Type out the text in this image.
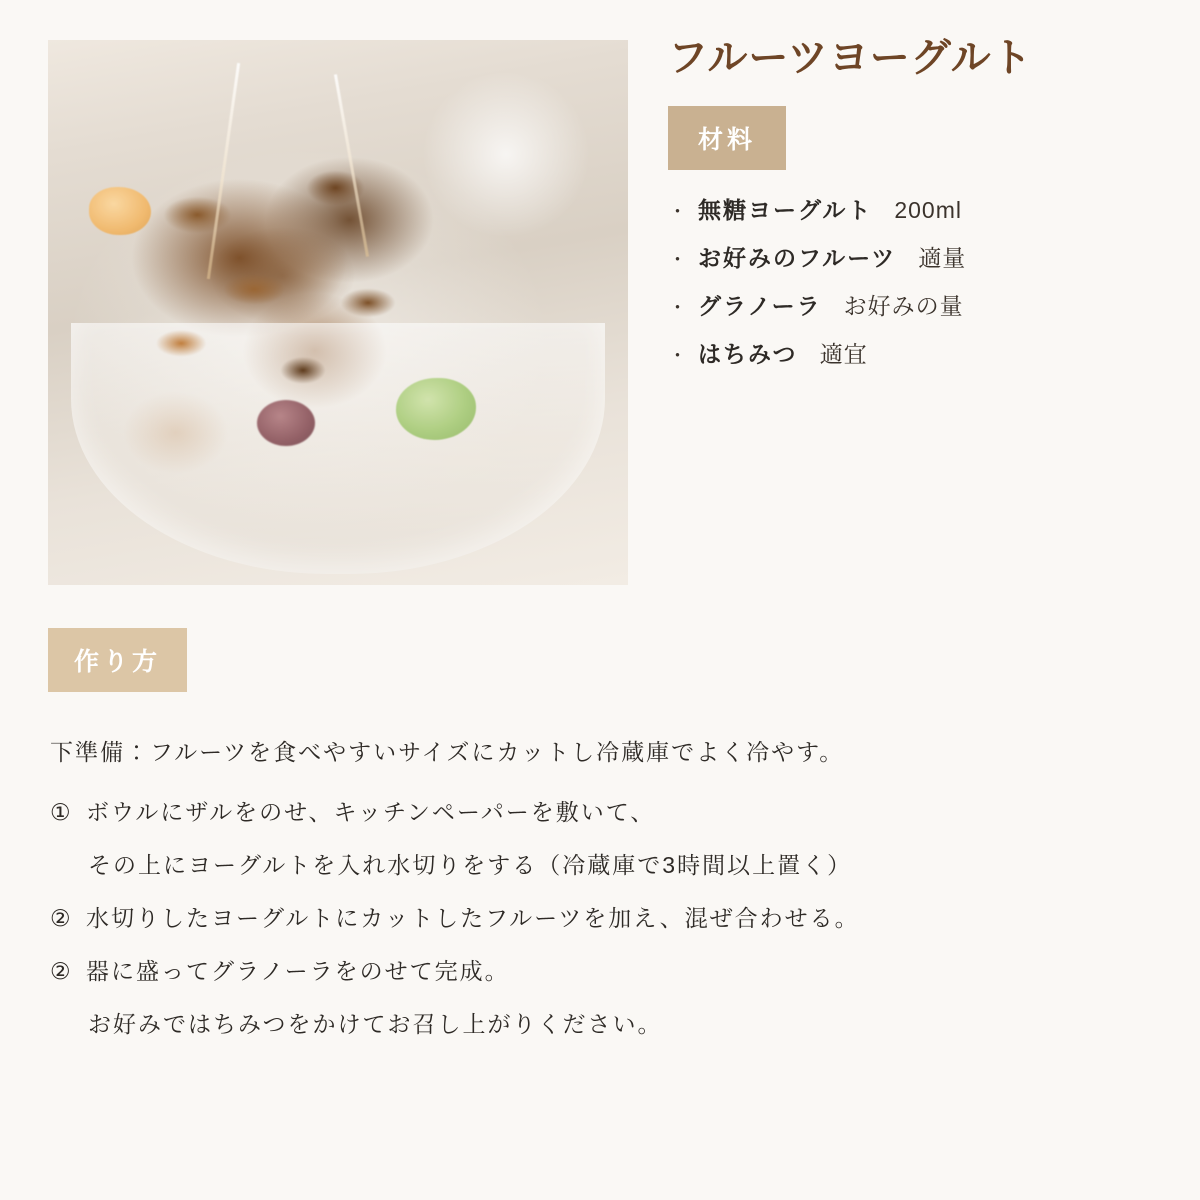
フルーツヨーグルト
材料
・ 無糖ヨーグルト 200ml
・ お好みのフルーツ 適量
・ グラノーラ お好みの量
・ はちみつ 適宜
作り方

下準備：フルーツを食べやすいサイズにカットし冷蔵庫でよく冷やす。

① ボウルにザルをのせ、キッチンペーパーを敷いて、
その上にヨーグルトを入れ水切りをする（冷蔵庫で3時間以上置く）
② 水切りしたヨーグルトにカットしたフルーツを加え、混ぜ合わせる。
② 器に盛ってグラノーラをのせて完成。
お好みではちみつをかけてお召し上がりください。
